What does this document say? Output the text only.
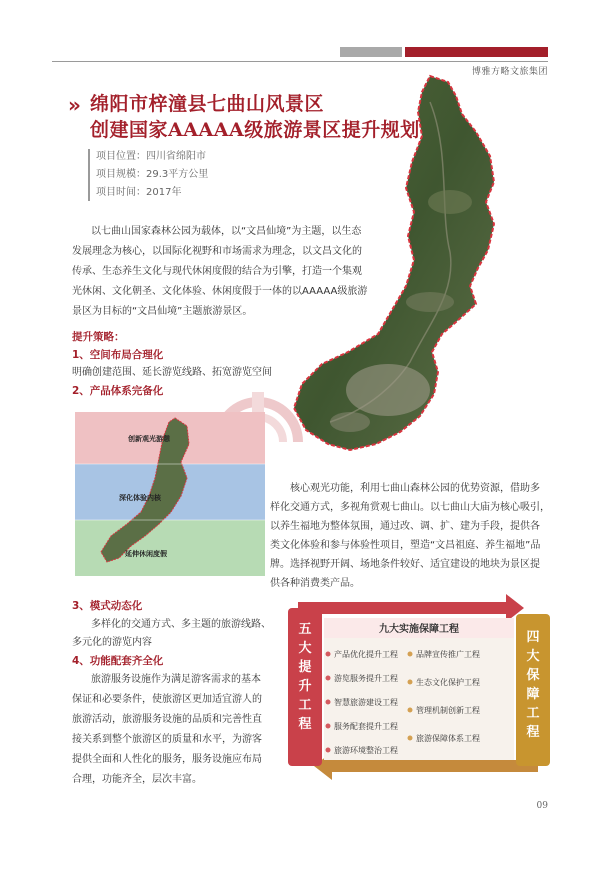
博雅方略文旅集团
» 绵阳市梓潼县七曲山风景区
创建国家AAAAA级旅游景区提升规划
项目位置：四川省绵阳市
项目规模：29.3平方公里
项目时间：2017年
以七曲山国家森林公园为载体，以“文昌仙境”为主题，以生态
发展理念为核心，以国际化视野和市场需求为理念，以文昌文化的
传承、生态养生文化与现代休闲度假的结合为引擎，打造一个集观
光休闲、文化朝圣、文化体验、休闲度假于一体的以AAAAA级旅游
景区为目标的“文昌仙境”主题旅游景区。
提升策略：
1、空间布局合理化
明确创建范围、延长游览线路、拓宽游览空间
2、产品体系完备化
创新观光游憩
深化体验内核
延伸休闲度假
核心观光功能，利用七曲山森林公园的优势资源，借助多
样化交通方式，多视角赏观七曲山。以七曲山大庙为核心吸引，
以养生福地为整体氛围，通过改、调、扩、建为手段，提供各
类文化体验和参与体验性项目，塑造“文昌祖庭、养生福地”品
牌。选择视野开阔、场地条件较好、适宜建设的地块为景区提
供各种消费类产品。
3、模式动态化
多样化的交通方式、多主题的旅游线路、
多元化的游览内容
4、功能配套齐全化
旅游服务设施作为满足游客需求的基本
保证和必要条件，使旅游区更加适宜游人的
旅游活动，旅游服务设施的品质和完善性直
接关系到整个旅游区的质量和水平，为游客
提供全面和人性化的服务，服务设施应布局
合理，功能齐全，层次丰富。
五
大
提
升
工
程
四
大
保
障
工
程
九大实施保障工程
产品优化提升工程
游览服务提升工程
智慧旅游建设工程
服务配套提升工程
旅游环境整治工程
品牌宣传推广工程
生态文化保护工程
管理机制创新工程
旅游保障体系工程
09
